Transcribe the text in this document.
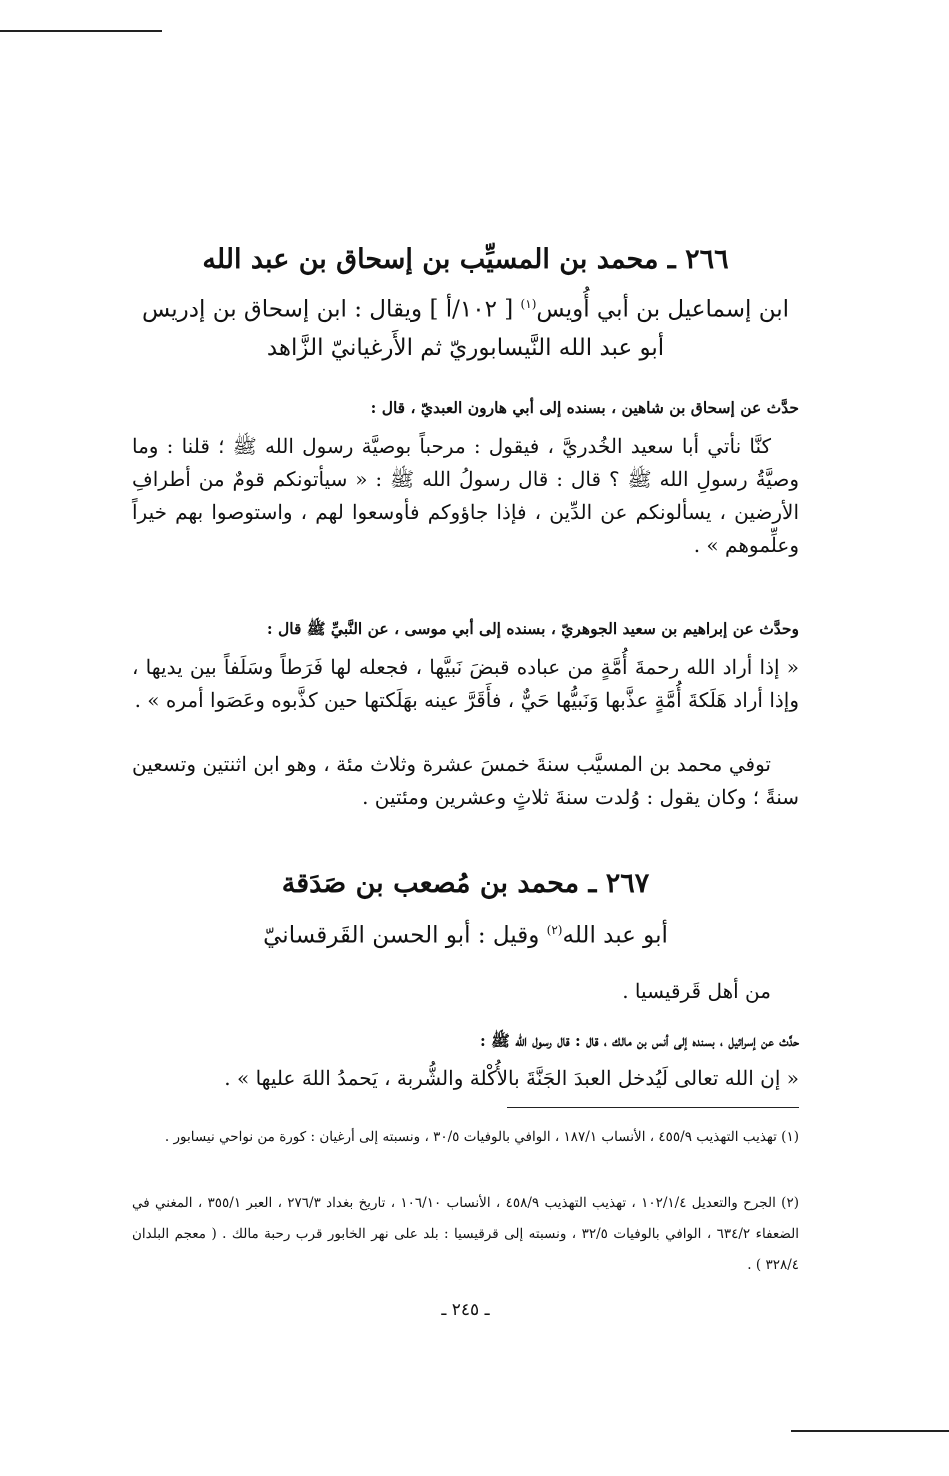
٢٦٦ ـ محمد بن المسيِّب بن إسحاق بن عبد الله
ابن إسماعيل بن أبي أُويس$^{(١)}$ [ ١٠٢/أ ] ويقال : ابن إسحاق بن إدريس
أبو عبد الله النَّيسابوريّ ثم الأَرغيانيّ الزَّاهد
حدَّث عن إسحاق بن شاهين ، بسنده إلى أبي هارون العبديّ ، قال :
كنَّا نأتي أبا سعيد الخُدريَّ ، فيقول : مرحباً بوصيَّة رسول الله ﷺ ؛ قلنا : وما وصيَّةُ رسولِ الله ﷺ ؟ قال : قال رسولُ الله ﷺ : « سيأتونكم قومٌ من أطرافِ الأرضين ، يسألونكم عن الدِّين ، فإذا جاؤوكم فأوسعوا لهم ، واستوصوا بهم خيراً وعلِّموهم » .
وحدَّث عن إبراهيم بن سعيد الجوهريّ ، بسنده إلى أبي موسى ، عن النَّبيِّ ﷺ قال :
« إذا أراد الله رحمةَ أُمَّةٍ من عباده قبضَ نَبيَّها ، فجعله لها فَرَطاً وسَلَفاً بين يديها ، وإذا أراد هَلَكةَ أُمَّةٍ عذَّبها وَنَبيُّها حَيٌّ ، فأَقَرَّ عينه بهَلَكتها حين كذَّبوه وعَصَوا أمره » .
توفي محمد بن المسيَّب سنةَ خمسَ عشرة وثلاث مئة ، وهو ابن اثنتين وتسعين سنةً ؛ وكان يقول : وُلدت سنةَ ثلاثٍ وعشرين ومئتين .
٢٦٧ ـ محمد بن مُصعب بن صَدَقة
أبو عبد الله$^{(٢)}$ وقيل : أبو الحسن القَرقسانيّ
من أهل قَرقيسيا .
حدَّث عن إسرائيل ، بسنده إلى أنس بن مالك ، قال : قال رسول الله ﷺ :
« إن الله تعالى لَيُدخل العبدَ الجَنَّةَ بالأُكْلة والشُّربة ، يَحمدُ اللهَ عليها » .
(١) تهذيب التهذيب ٤٥٥/٩ ، الأنساب ١٨٧/١ ، الوافي بالوفيات ٣٠/٥ ، ونسبته إلى أرغيان : كورة من نواحي نيسابور .
(٢) الجرح والتعديل ١٠٢/١/٤ ، تهذيب التهذيب ٤٥٨/٩ ، الأنساب ١٠٦/١٠ ، تاريخ بغداد ٢٧٦/٣ ، العبر ٣٥٥/١ ، المغني في الضعفاء ٦٣٤/٢ ، الوافي بالوفيات ٣٢/٥ ، ونسبته إلى قرقيسيا : بلد على نهر الخابور قرب رحبة مالك . ( معجم البلدان ٣٢٨/٤ ) .
ـ ٢٤٥ ـ
